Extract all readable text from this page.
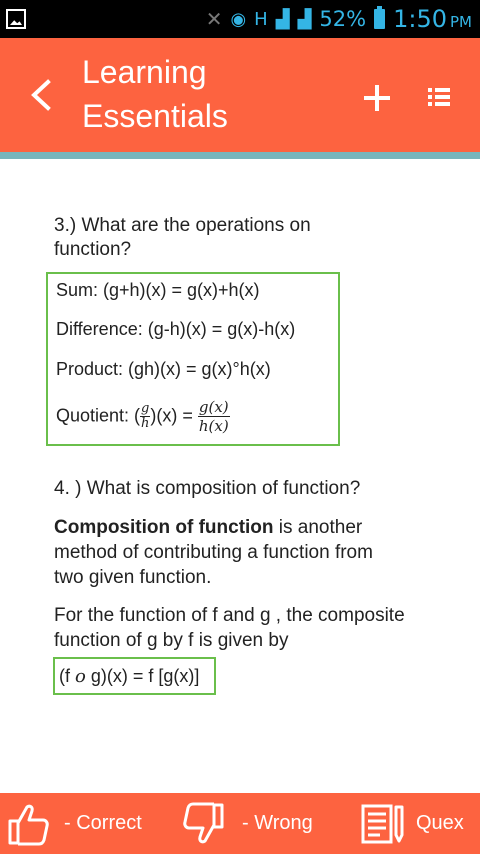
✕ ◉ H ▟ ▟ 52% 1:50 PM
Learning Essentials
3.) What are the operations on function?
Sum: (g+h)(x) = g(x)+h(x)
Difference: (g-h)(x) = g(x)-h(x)
Product: (gh)(x) = g(x)°h(x)
Quotient: ( $\frac{g}{h} )(x) = \frac{g(x)}{h(x)}$
4. ) What is composition of function?
Composition of function is another method of contributing a function from two given function.
For the function of f and g , the composite function of g by f is given by
(f o g)(x) = f [g(x)]
- Correct	- Wrong	Quex
